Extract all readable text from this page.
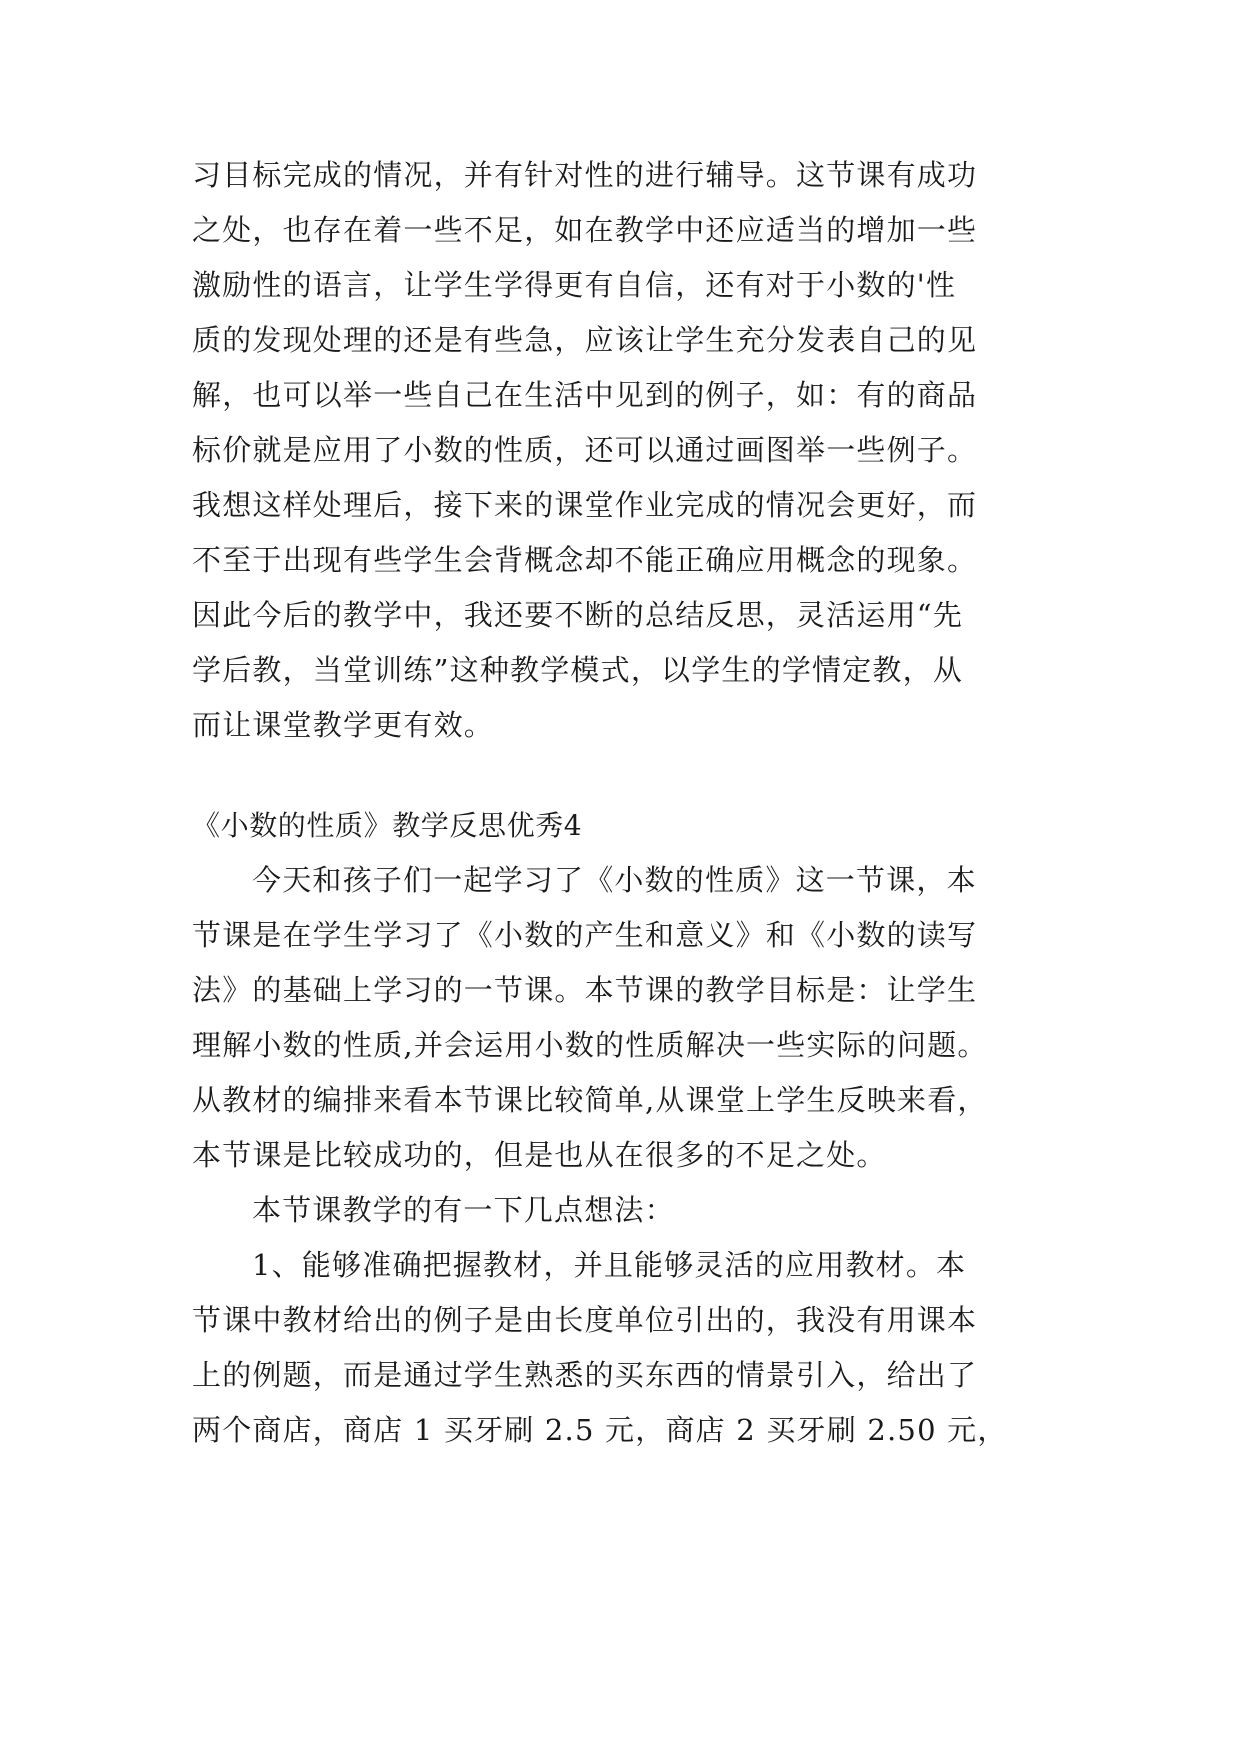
习目标完成的情况，并有针对性的进行辅导。这节课有成功
之处，也存在着一些不足，如在教学中还应适当的增加一些
激励性的语言，让学生学得更有自信，还有对于小数的'性
质的发现处理的还是有些急，应该让学生充分发表自己的见
解，也可以举一些自己在生活中见到的例子，如：有的商品
标价就是应用了小数的性质，还可以通过画图举一些例子。
我想这样处理后，接下来的课堂作业完成的情况会更好，而
不至于出现有些学生会背概念却不能正确应用概念的现象。
因此今后的教学中，我还要不断的总结反思，灵活运用“先
学后教，当堂训练”这种教学模式，以学生的学情定教，从
而让课堂教学更有效。
《小数的性质》教学反思优秀4
今天和孩子们一起学习了《小数的性质》这一节课，本
节课是在学生学习了《小数的产生和意义》和《小数的读写
法》的基础上学习的一节课。本节课的教学目标是：让学生
理解小数的性质,并会运用小数的性质解决一些实际的问题。
从教材的编排来看本节课比较简单,从课堂上学生反映来看，
本节课是比较成功的，但是也从在很多的不足之处。
本节课教学的有一下几点想法：
1、能够准确把握教材，并且能够灵活的应用教材。本
节课中教材给出的例子是由长度单位引出的，我没有用课本
上的例题，而是通过学生熟悉的买东西的情景引入，给出了
两个商店，商店 1 买牙刷 2.5 元，商店 2 买牙刷 2.50 元，
